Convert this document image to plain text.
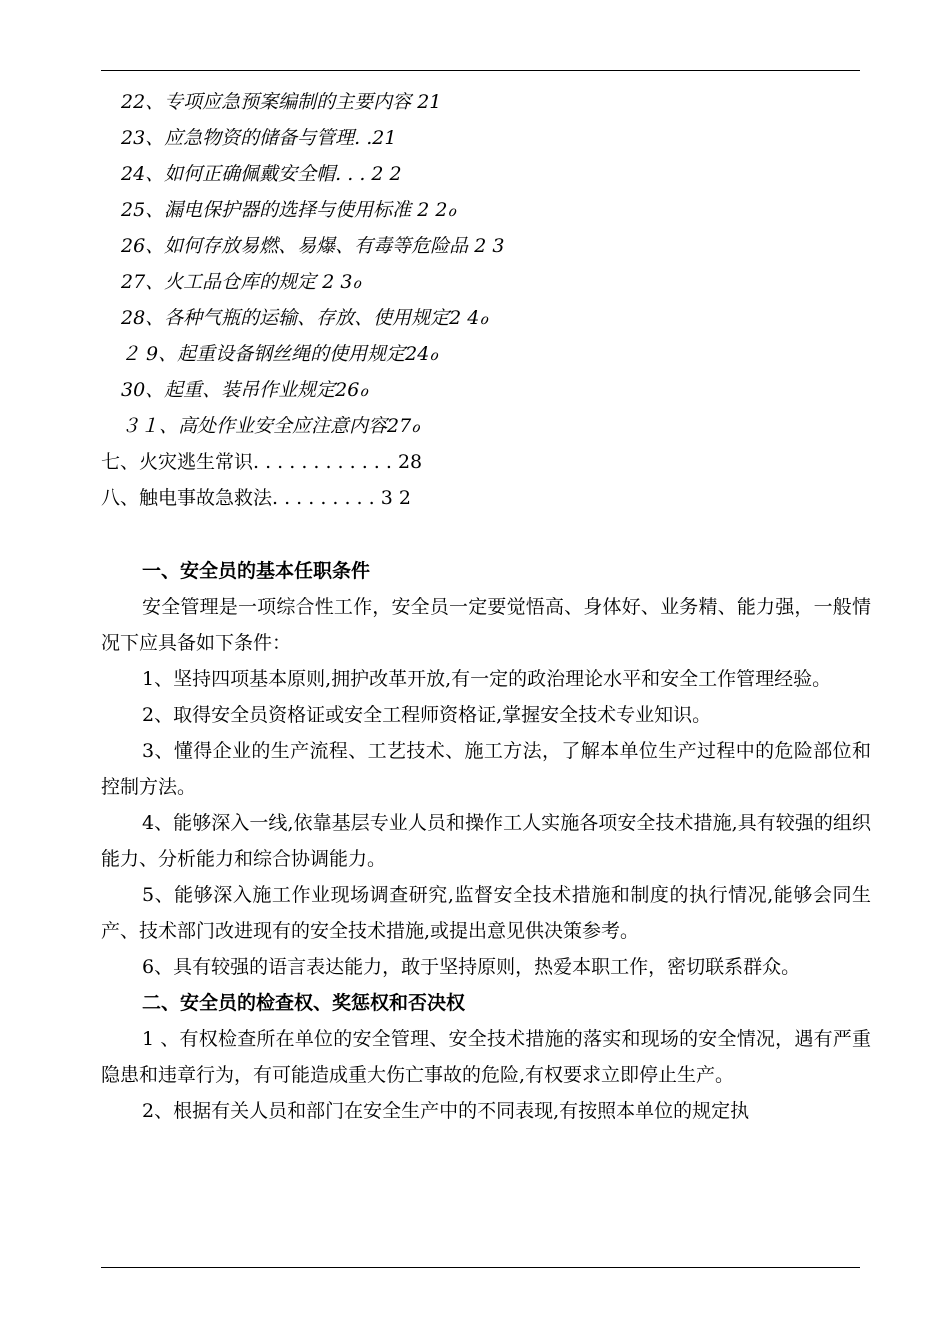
22、专项应急预案编制的主要内容 21
23、应急物资的储备与管理. .21
24、如何正确佩戴安全帽. . . 2 2
25、漏电保护器的选择与使用标准 2 2ℴ
26、如何存放易燃、易爆、有毒等危险品 2 3
27、火工品仓库的规定 2 3ℴ
28、各种气瓶的运输、存放、使用规定2 4ℴ
２ 9、起重设备钢丝绳的使用规定24ℴ
30、起重、装吊作业规定26ℴ
３１、高处作业安全应注意内容27ℴ
七、火灾逃生常识. . . . . . . . . . . . 28
八、触电事故急救法. . . . . . . . . 3 2
一、安全员的基本任职条件

安全管理是一项综合性工作，安全员一定要觉悟高、身体好、业务精、能力强，一般情况下应具备如下条件：

1、坚持四项基本原则,拥护改革开放,有一定的政治理论水平和安全工作管理经验。

2、取得安全员资格证或安全工程师资格证,掌握安全技术专业知识。

3、懂得企业的生产流程、工艺技术、施工方法，了解本单位生产过程中的危险部位和控制方法。

4、能够深入一线,依靠基层专业人员和操作工人实施各项安全技术措施,具有较强的组织能力、分析能力和综合协调能力。

5、能够深入施工作业现场调查研究,监督安全技术措施和制度的执行情况,能够会同生产、技术部门改进现有的安全技术措施,或提出意见供决策参考。

6、具有较强的语言表达能力，敢于坚持原则，热爱本职工作，密切联系群众。

二、安全员的检查权、奖惩权和否决权

1 、有权检查所在单位的安全管理、安全技术措施的落实和现场的安全情况，遇有严重隐患和违章行为，有可能造成重大伤亡事故的危险,有权要求立即停止生产。

2、根据有关人员和部门在安全生产中的不同表现,有按照本单位的规定执
